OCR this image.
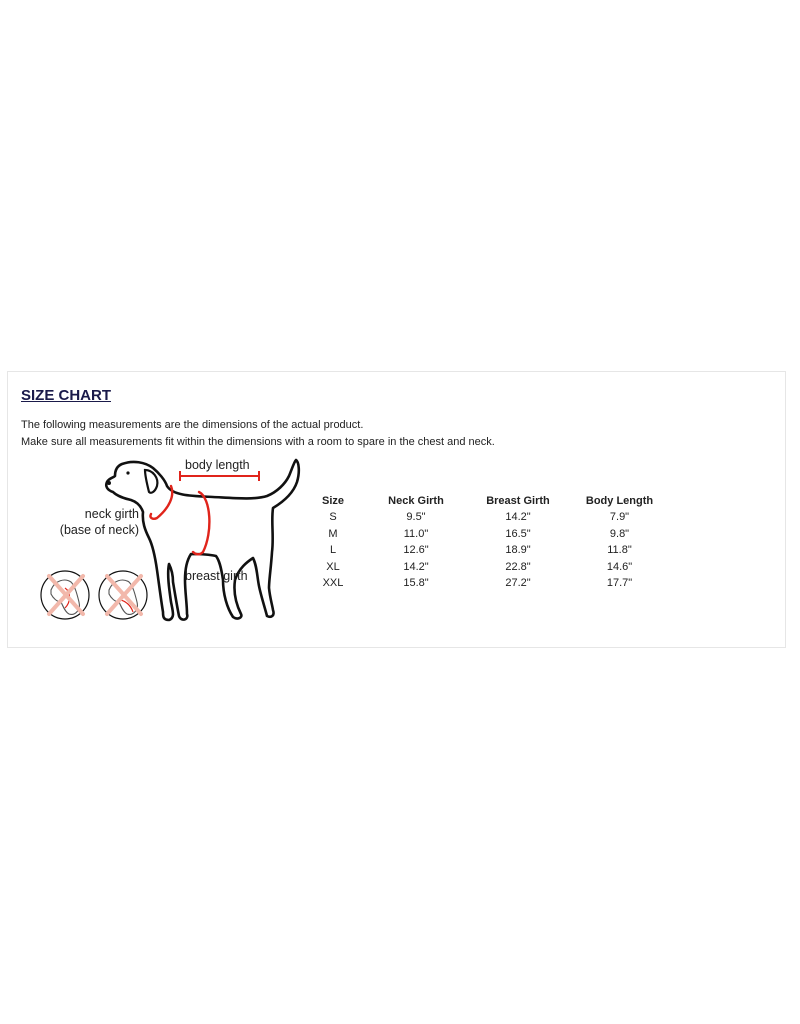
SIZE CHART

The following measurements are the dimensions of the actual product.

Make sure all measurements fit within the dimensions with a room to spare in the chest and neck.

body length
neck girth
(base of neck)
breast girth
Size	Neck Girth	Breast Girth	Body Length
S	9.5"	14.2"	7.9"
M	11.0"	16.5"	9.8"
L	12.6"	18.9"	11.8"
XL	14.2"	22.8"	14.6"
XXL	15.8"	27.2"	17.7"
